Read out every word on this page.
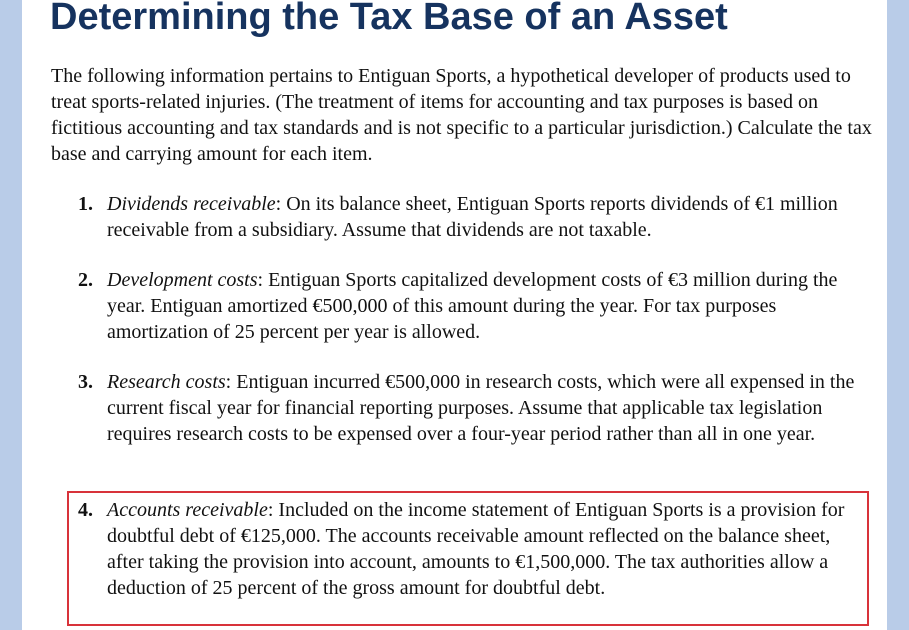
Determining the Tax Base of an Asset

The following information pertains to Entiguan Sports, a hypothetical developer of products used to treat sports-related injuries. (The treatment of items for accounting and tax purposes is based on fictitious accounting and tax standards and is not specific to a particular jurisdiction.) Calculate the tax base and carrying amount for each item.

1. Dividends receivable: On its balance sheet, Entiguan Sports reports dividends of €1 million receivable from a subsidiary. Assume that dividends are not taxable.
2. Development costs: Entiguan Sports capitalized development costs of €3 million during the year. Entiguan amortized €500,000 of this amount during the year. For tax purposes amortization of 25 percent per year is allowed.
3. Research costs: Entiguan incurred €500,000 in research costs, which were all expensed in the current fiscal year for financial reporting purposes. Assume that applicable tax legislation requires research costs to be expensed over a four-year period rather than all in one year.
4. Accounts receivable: Included on the income statement of Entiguan Sports is a provision for doubtful debt of €125,000. The accounts receivable amount reflected on the balance sheet, after taking the provision into account, amounts to €1,500,000. The tax authorities allow a deduction of 25 percent of the gross amount for doubtful debt.
